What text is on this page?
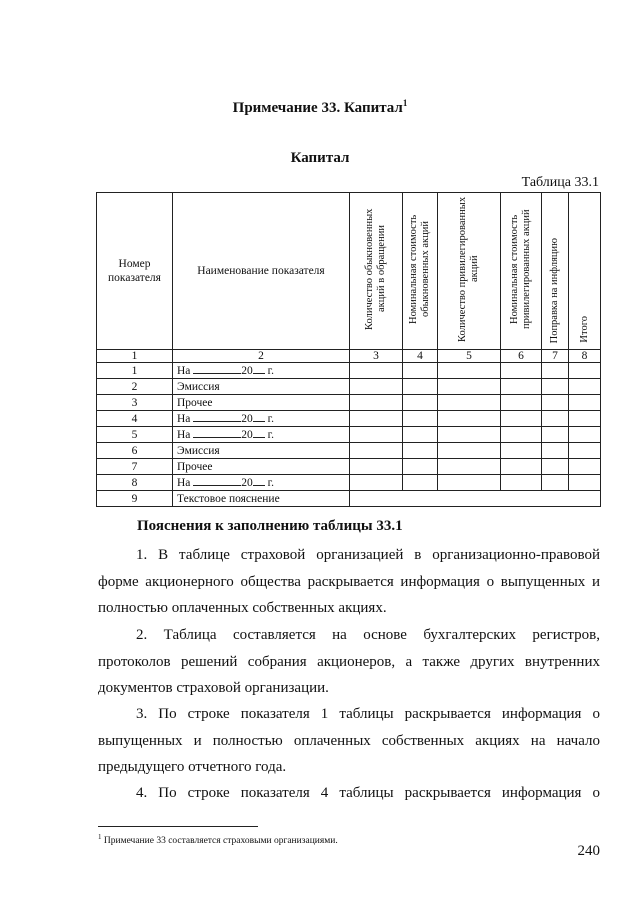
Примечание 33. Капитал$^1$
Капитал
Таблица 33.1
Номер показателя	Наименование показателя	Количество обыкновенных акций в обращении	Номинальная стоимость обыкновенных акций	Количество привилегированных акций	Номинальная стоимость привилегированных акций	Поправка на инфляцию	Итого
1	2	3	4	5	6	7	8
1	На 20 г.						
2	Эмиссия						
3	Прочее						
4	На 20 г.						
5	На 20 г.						
6	Эмиссия						
7	Прочее						
8	На 20 г.						
9	Текстовое пояснение						
Пояснения к заполнению таблицы 33.1
1. В таблице страховой организацией в организационно-правовой форме акционерного общества раскрывается информация о выпущенных и полностью оплаченных собственных акциях.
2. Таблица составляется на основе бухгалтерских регистров, протоколов решений собрания акционеров, а также других внутренних документов страховой организации.
3. По строке показателя 1 таблицы раскрывается информация о выпущенных и полностью оплаченных собственных акциях на начало предыдущего отчетного года.
4. По строке показателя 4 таблицы раскрывается информация о
$^1$ Примечание 33 составляется страховыми организациями.
240
